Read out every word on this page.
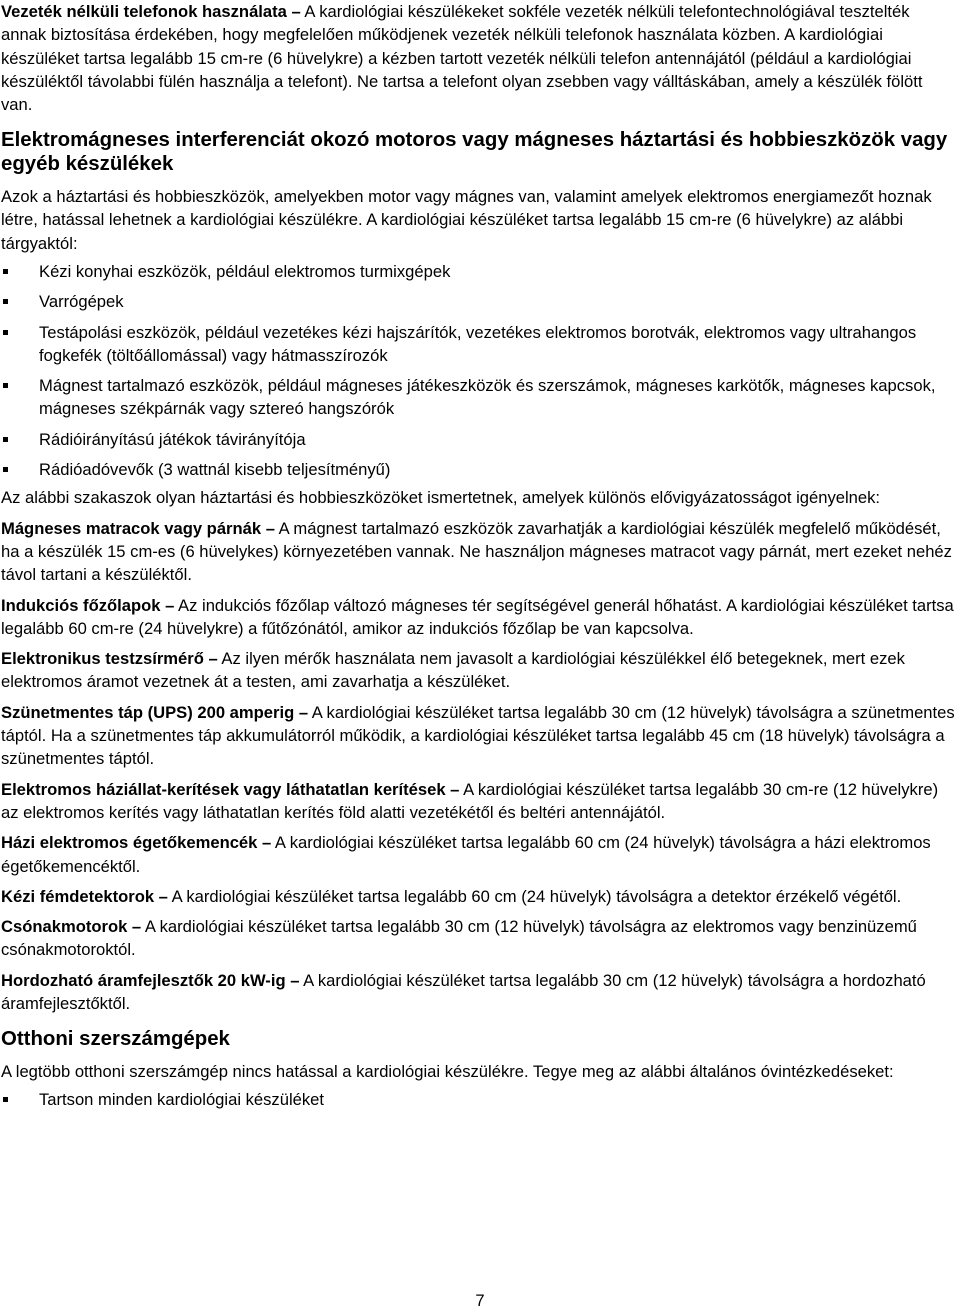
Vezeték nélküli telefonok használata – A kardiológiai készülékeket sokféle vezeték nélküli telefontechnológiával tesztelték annak biztosítása érdekében, hogy megfelelően működjenek vezeték nélküli telefonok használata közben. A kardiológiai készüléket tartsa legalább 15 cm-re (6 hüvelykre) a kézben tartott vezeték nélküli telefon antennájától (például a kardiológiai készüléktől távolabbi fülén használja a telefont). Ne tartsa a telefont olyan zsebben vagy válltáskában, amely a készülék fölött van.

Elektromágneses interferenciát okozó motoros vagy mágneses háztartási és hobbieszközök vagy egyéb készülékek

Azok a háztartási és hobbieszközök, amelyekben motor vagy mágnes van, valamint amelyek elektromos energiamezőt hoznak létre, hatással lehetnek a kardiológiai készülékre. A kardiológiai készüléket tartsa legalább 15 cm-re (6 hüvelykre) az alábbi tárgyaktól:

Kézi konyhai eszközök, például elektromos turmixgépek
Varrógépek
Testápolási eszközök, például vezetékes kézi hajszárítók, vezetékes elektromos borotvák, elektromos vagy ultrahangos fogkefék (töltőállomással) vagy hátmasszírozók
Mágnest tartalmazó eszközök, például mágneses játékeszközök és szerszámok, mágneses karkötők, mágneses kapcsok, mágneses székpárnák vagy sztereó hangszórók
Rádióirányítású játékok távirányítója
Rádióadóvevők (3 wattnál kisebb teljesítményű)

Az alábbi szakaszok olyan háztartási és hobbieszközöket ismertetnek, amelyek különös elővigyázatosságot igényelnek:

Mágneses matracok vagy párnák – A mágnest tartalmazó eszközök zavarhatják a kardiológiai készülék megfelelő működését, ha a készülék 15 cm-es (6 hüvelykes) környezetében vannak. Ne használjon mágneses matracot vagy párnát, mert ezeket nehéz távol tartani a készüléktől.

Indukciós főzőlapok – Az indukciós főzőlap változó mágneses tér segítségével generál hőhatást. A kardiológiai készüléket tartsa legalább 60 cm-re (24 hüvelykre) a fűtőzónától, amikor az indukciós főzőlap be van kapcsolva.

Elektronikus testzsírmérő – Az ilyen mérők használata nem javasolt a kardiológiai készülékkel élő betegeknek, mert ezek elektromos áramot vezetnek át a testen, ami zavarhatja a készüléket.

Szünetmentes táp (UPS) 200 amperig – A kardiológiai készüléket tartsa legalább 30 cm (12 hüvelyk) távolságra a szünetmentes táptól. Ha a szünetmentes táp akkumulátorról működik, a kardiológiai készüléket tartsa legalább 45 cm (18 hüvelyk) távolságra a szünetmentes táptól.

Elektromos háziállat-kerítések vagy láthatatlan kerítések – A kardiológiai készüléket tartsa legalább 30 cm-re (12 hüvelykre) az elektromos kerítés vagy láthatatlan kerítés föld alatti vezetékétől és beltéri antennájától.

Házi elektromos égetőkemencék – A kardiológiai készüléket tartsa legalább 60 cm (24 hüvelyk) távolságra a házi elektromos égetőkemencéktől.

Kézi fémdetektorok – A kardiológiai készüléket tartsa legalább 60 cm (24 hüvelyk) távolságra a detektor érzékelő végétől.

Csónakmotorok – A kardiológiai készüléket tartsa legalább 30 cm (12 hüvelyk) távolságra az elektromos vagy benzinüzemű csónakmotoroktól.

Hordozható áramfejlesztők 20 kW-ig – A kardiológiai készüléket tartsa legalább 30 cm (12 hüvelyk) távolságra a hordozható áramfejlesztőktől.

Otthoni szerszámgépek

A legtöbb otthoni szerszámgép nincs hatással a kardiológiai készülékre. Tegye meg az alábbi általános óvintézkedéseket:

Tartson minden kardiológiai készüléket
7
